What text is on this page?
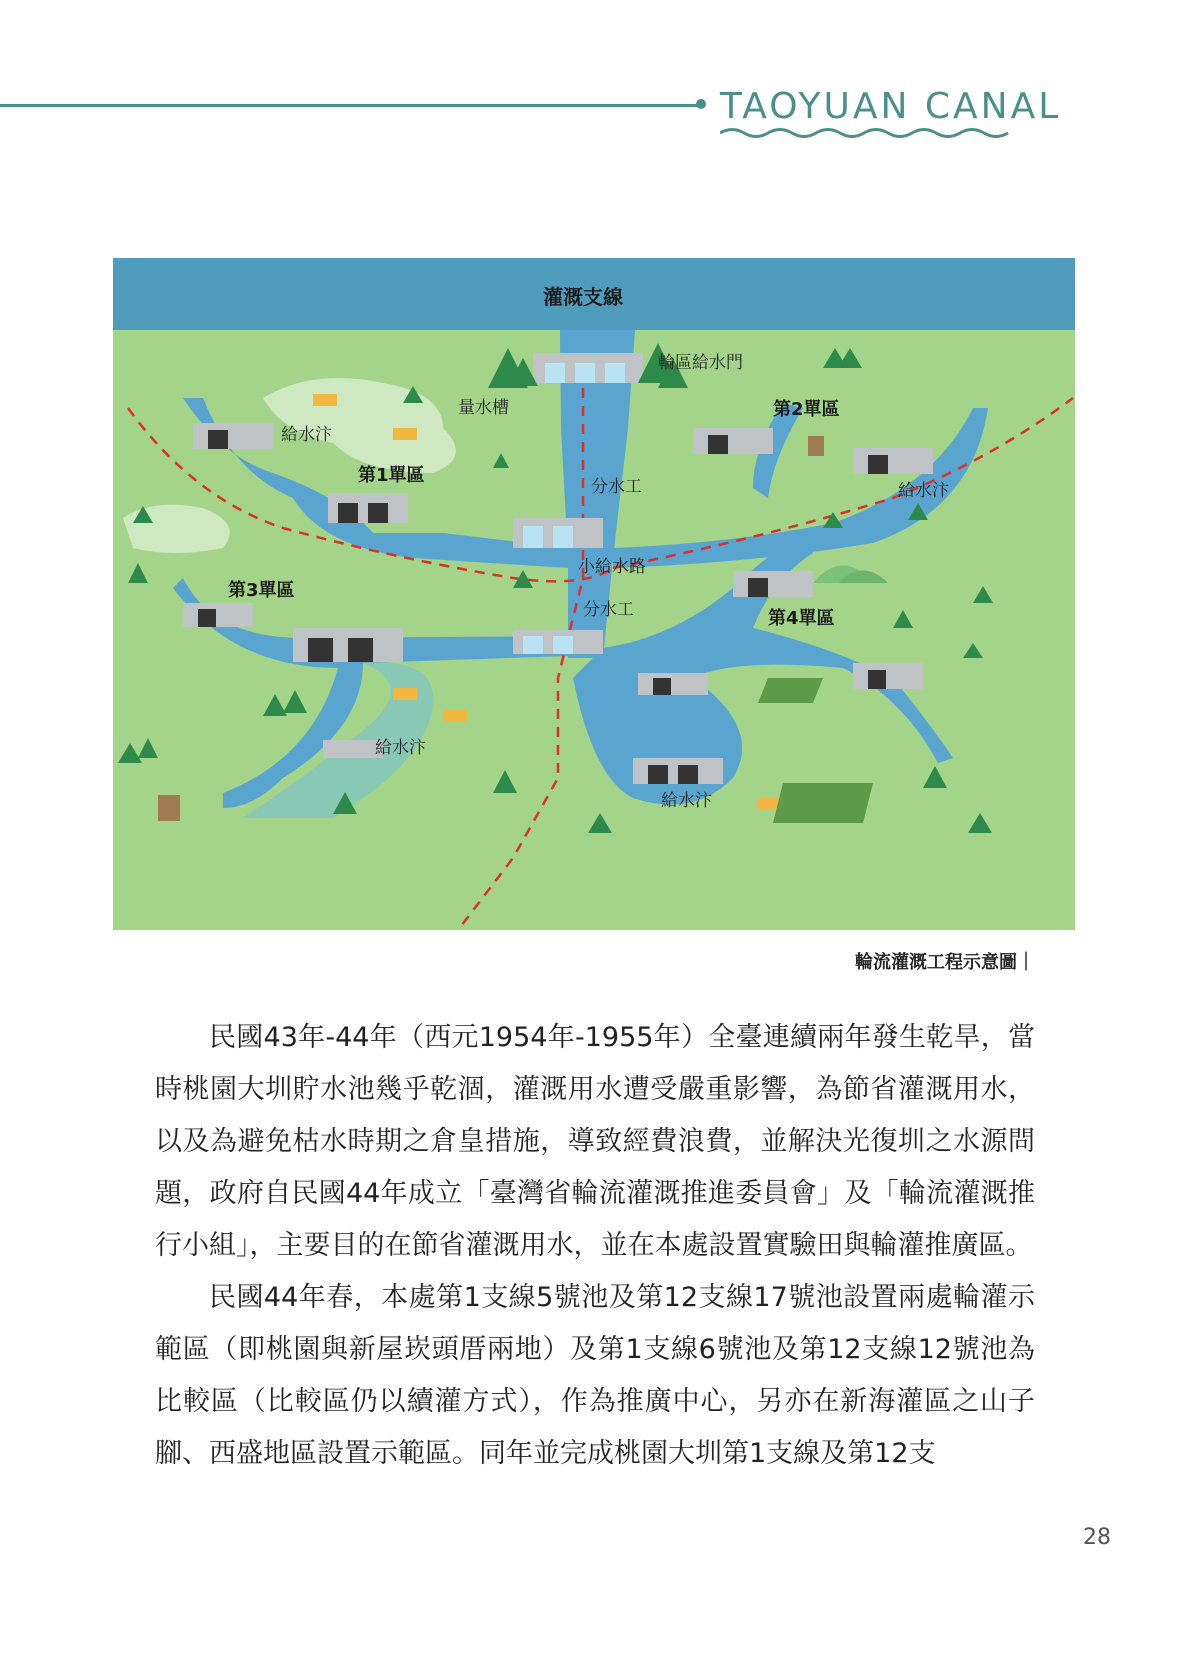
TAOYUAN CANAL
灌溉支線
輪區給水門
量水槽
分水工
小給水路
分水工
第1單區
第2單區
第3單區
第4單區
給水汴
給水汴
給水汴
給水汴
輪流灌溉工程示意圖｜

民國43年-44年（西元1954年-1955年）全臺連續兩年發生乾旱，當時桃園大圳貯水池幾乎乾涸，灌溉用水遭受嚴重影響，為節省灌溉用水，以及為避免枯水時期之倉皇措施，導致經費浪費，並解決光復圳之水源問題，政府自民國44年成立「臺灣省輪流灌溉推進委員會」及「輪流灌溉推行小組」，主要目的在節省灌溉用水，並在本處設置實驗田與輪灌推廣區。

民國44年春，本處第1支線5號池及第12支線17號池設置兩處輪灌示範區（即桃園與新屋崁頭厝兩地）及第1支線6號池及第12支線12號池為比較區（比較區仍以續灌方式），作為推廣中心，另亦在新海灌區之山子腳、西盛地區設置示範區。同年並完成桃園大圳第1支線及第12支

28
